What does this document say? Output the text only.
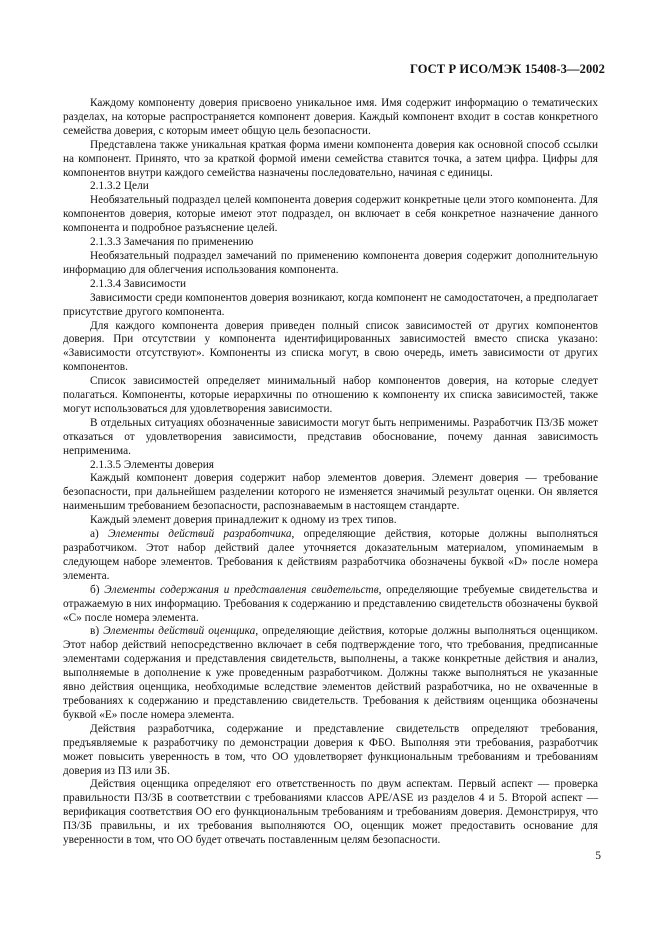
ГОСТ Р ИСО/МЭК 15408-3—2002

Каждому компоненту доверия присвоено уникальное имя. Имя содержит информацию о тематических разделах, на которые распространяется компонент доверия. Каждый компонент входит в состав конкретного семейства доверия, с которым имеет общую цель безопасности.

Представлена также уникальная краткая форма имени компонента доверия как основной способ ссылки на компонент. Принято, что за краткой формой имени семейства ставится точка, а затем цифра. Цифры для компонентов внутри каждого семейства назначены последовательно, начиная с единицы.

2.1.3.2 Цели

Необязательный подраздел целей компонента доверия содержит конкретные цели этого компонента. Для компонентов доверия, которые имеют этот подраздел, он включает в себя конкретное назначение данного компонента и подробное разъяснение целей.

2.1.3.3 Замечания по применению

Необязательный подраздел замечаний по применению компонента доверия содержит дополнительную информацию для облегчения использования компонента.

2.1.3.4 Зависимости

Зависимости среди компонентов доверия возникают, когда компонент не самодостаточен, а предполагает присутствие другого компонента.

Для каждого компонента доверия приведен полный список зависимостей от других компонентов доверия. При отсутствии у компонента идентифицированных зависимостей вместо списка указано: «Зависимости отсутствуют». Компоненты из списка могут, в свою очередь, иметь зависимости от других компонентов.

Список зависимостей определяет минимальный набор компонентов доверия, на которые следует полагаться. Компоненты, которые иерархичны по отношению к компоненту их списка зависимостей, также могут использоваться для удовлетворения зависимости.

В отдельных ситуациях обозначенные зависимости могут быть неприменимы. Разработчик ПЗ/ЗБ может отказаться от удовлетворения зависимости, представив обоснование, почему данная зависимость неприменима.

2.1.3.5 Элементы доверия

Каждый компонент доверия содержит набор элементов доверия. Элемент доверия — требование безопасности, при дальнейшем разделении которого не изменяется значимый результат оценки. Он является наименьшим требованием безопасности, распознаваемым в настоящем стандарте.

Каждый элемент доверия принадлежит к одному из трех типов.

а) Элементы действий разработчика, определяющие действия, которые должны выполняться разработчиком. Этот набор действий далее уточняется доказательным материалом, упоминаемым в следующем наборе элементов. Требования к действиям разработчика обозначены буквой «D» после номера элемента.

б) Элементы содержания и представления свидетельств, определяющие требуемые свидетельства и отражаемую в них информацию. Требования к содержанию и представлению свидетельств обозначены буквой «С» после номера элемента.

в) Элементы действий оценщика, определяющие действия, которые должны выполняться оценщиком. Этот набор действий непосредственно включает в себя подтверждение того, что требования, предписанные элементами содержания и представления свидетельств, выполнены, а также конкретные действия и анализ, выполняемые в дополнение к уже проведенным разработчиком. Должны также выполняться не указанные явно действия оценщика, необходимые вследствие элементов действий разработчика, но не охваченные в требованиях к содержанию и представлению свидетельств. Требования к действиям оценщика обозначены буквой «Е» после номера элемента.

Действия разработчика, содержание и представление свидетельств определяют требования, предъявляемые к разработчику по демонстрации доверия к ФБО. Выполняя эти требования, разработчик может повысить уверенность в том, что ОО удовлетворяет функциональным требованиям и требованиям доверия из ПЗ или ЗБ.

Действия оценщика определяют его ответственность по двум аспектам. Первый аспект — проверка правильности ПЗ/ЗБ в соответствии с требованиями классов APE/ASE из разделов 4 и 5. Второй аспект — верификация соответствия ОО его функциональным требованиям и требованиям доверия. Демонстрируя, что ПЗ/ЗБ правильны, и их требования выполняются ОО, оценщик может предоставить основание для уверенности в том, что ОО будет отвечать поставленным целям безопасности.

5
